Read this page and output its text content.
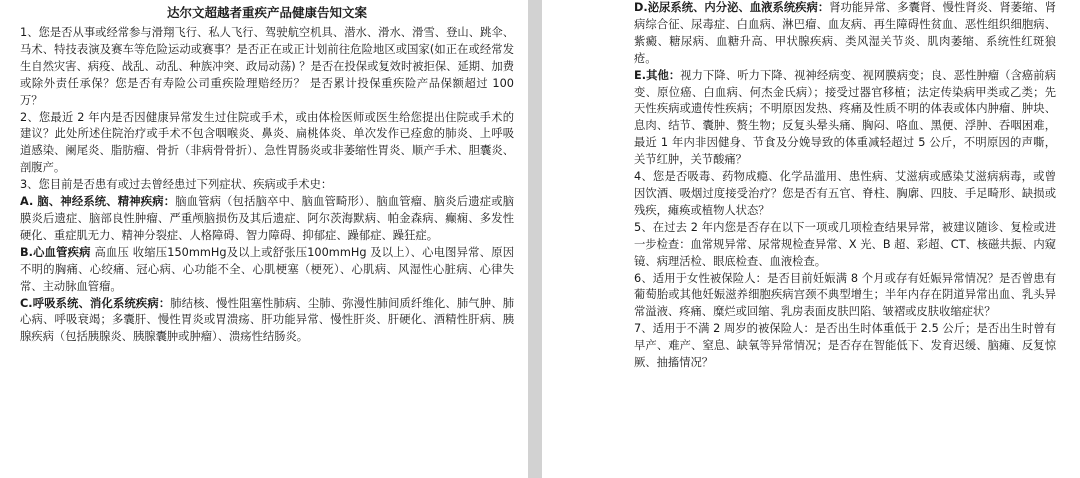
达尔文超越者重疾产品健康告知文案

1、您是否从事或经常参与滑翔飞行、私人飞行、驾驶航空机具、潜水、滑水、滑雪、登山、跳伞、马术、特技表演及赛车等危险运动或赛事？是否正在或正计划前往危险地区或国家(如正在或经常发生自然灾害、病疫、战乱、动乱、种族冲突、政局动荡) ？是否在投保或复效时被拒保、延期、加费或除外责任承保？您是否有寿险公司重疾险理赔经历？ 是否累计投保重疾险产品保额超过 100 万？

2、您最近 2 年内是否因健康异常发生过住院或手术，或由体检医师或医生给您提出住院或手术的建议？此处所述住院治疗或手术不包含咽喉炎、鼻炎、扁桃体炎、单次发作已痊愈的肺炎、上呼吸道感染、阑尾炎、脂肪瘤、骨折（非病骨骨折）、急性胃肠炎或非萎缩性胃炎、顺产手术、胆囊炎、剖腹产。

3、您目前是否患有或过去曾经患过下列症状、疾病或手术史：

A. 脑、神经系统、精神疾病：脑血管病（包括脑卒中、脑血管畸形）、脑血管瘤、脑炎后遗症或脑膜炎后遗症、脑部良性肿瘤、严重颅脑损伤及其后遗症、阿尔茨海默病、帕金森病、癫痫、多发性硬化、重症肌无力、精神分裂症、人格障碍、智力障碍、抑郁症、躁郁症、躁狂症。

B.心血管疾病 高血压 收缩压150mmHg及以上或舒张压100mmHg 及以上）、心电图异常、原因不明的胸痛、心绞痛、冠心病、心功能不全、心肌梗塞（梗死）、心肌病、风湿性心脏病、心律失常、主动脉血管瘤。

C.呼吸系统、消化系统疾病：肺结核、慢性阻塞性肺病、尘肺、弥漫性肺间质纤维化、肺气肿、肺心病、呼吸衰竭；多囊肝、慢性胃炎或胃溃疡、肝功能异常、慢性肝炎、肝硬化、酒精性肝病、胰腺疾病（包括胰腺炎、胰腺囊肿或肿瘤）、溃疡性结肠炎。

D.泌尿系统、内分泌、血液系统疾病：肾功能异常、多囊肾、慢性肾炎、肾萎缩、肾病综合征、尿毒症、白血病、淋巴瘤、血友病、再生障碍性贫血、恶性组织细胞病、紫癜、糖尿病、血糖升高、甲状腺疾病、类风湿关节炎、肌肉萎缩、系统性红斑狼疮。

E.其他：视力下降、听力下降、视神经病变、视网膜病变；良、恶性肿瘤（含癌前病变、原位癌、白血病、何杰金氏病）；接受过器官移植；法定传染病甲类或乙类；先天性疾病或遗传性疾病；不明原因发热、疼痛及性质不明的体表或体内肿瘤、肿块、息肉、结节、囊肿、赘生物；反复头晕头痛、胸闷、咯血、黑便、浮肿、吞咽困难，最近 1 年内非因健身、节食及分娩导致的体重减轻超过 5 公斤，不明原因的声嘶，关节红肿，关节酸痛？

4、您是否吸毒、药物成瘾、化学品滥用、患性病、艾滋病或感染艾滋病病毒，或曾因饮酒、吸烟过度接受治疗？您是否有五官、脊柱、胸廓、四肢、手足畸形、缺损或残疾，瘫痪或植物人状态？

5、在过去 2 年内您是否存在以下一项或几项检查结果异常，被建议随诊、复检或进一步检查：血常规异常、尿常规检查异常、X 光、B 超、彩超、CT、核磁共振、内窥镜、病理活检、眼底检查、血液检查。

6、适用于女性被保险人：是否目前妊娠满 8 个月或存有妊娠异常情况？是否曾患有葡萄胎或其他妊娠滋养细胞疾病宫颈不典型增生；半年内存在阴道异常出血、乳头异常溢液、疼痛、糜烂或回缩、乳房表面皮肤凹陷、皱褶或皮肤收缩症状？

7、适用于不满 2 周岁的被保险人：是否出生时体重低于 2.5 公斤；是否出生时曾有早产、难产、窒息、缺氧等异常情况；是否存在智能低下、发育迟缓、脑瘫、反复惊厥、抽搐情况？
